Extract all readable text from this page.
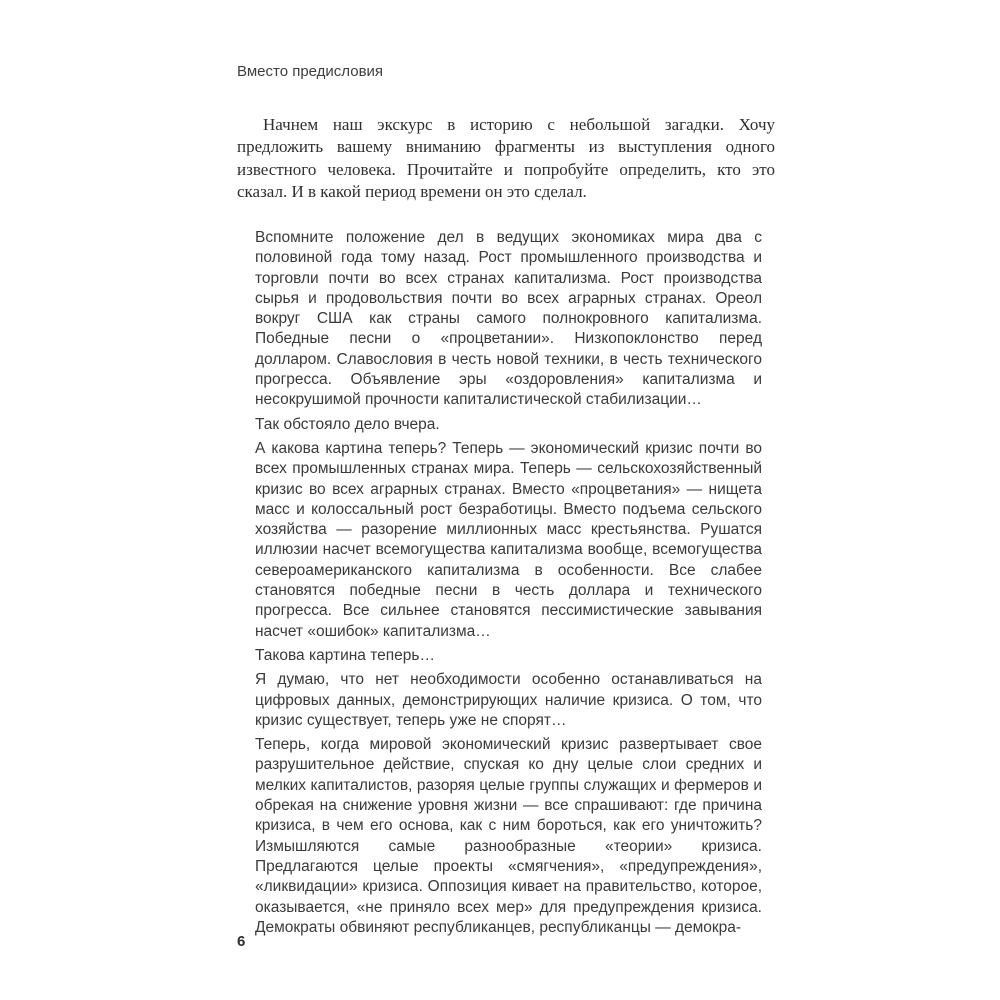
Вместо предисловия

Начнем наш экскурс в историю с небольшой загадки. Хочу предложить вашему вниманию фрагменты из выступления одного известного человека. Прочитайте и попробуйте определить, кто это сказал. И в какой период времени он это сделал.

Вспомните положение дел в ведущих экономиках мира два с половиной года тому назад. Рост промышленного производства и торговли почти во всех странах капитализма. Рост производства сырья и продовольствия почти во всех аграрных странах. Ореол вокруг США как страны самого полнокровного капитализма. Победные песни о «процветании». Низкопоклонство перед долларом. Славословия в честь новой техники, в честь технического прогресса. Объявление эры «оздоровления» капитализма и несокрушимой прочности капиталистической стабилизации…

Так обстояло дело вчера.

А какова картина теперь? Теперь — экономический кризис почти во всех промышленных странах мира. Теперь — сельскохозяйственный кризис во всех аграрных странах. Вместо «процветания» — нищета масс и колоссальный рост безработицы. Вместо подъема сельского хозяйства — разорение миллионных масс крестьянства. Рушатся иллюзии насчет всемогущества капитализма вообще, всемогущества североамериканского капитализма в особенности. Все слабее становятся победные песни в честь доллара и технического прогресса. Все сильнее становятся пессимистические завывания насчет «ошибок» капитализма…

Такова картина теперь…

Я думаю, что нет необходимости особенно останавливаться на цифровых данных, демонстрирующих наличие кризиса. О том, что кризис существует, теперь уже не спорят…

Теперь, когда мировой экономический кризис развертывает свое разрушительное действие, спуская ко дну целые слои средних и мелких капиталистов, разоряя целые группы служащих и фермеров и обрекая на снижение уровня жизни — все спрашивают: где причина кризиса, в чем его основа, как с ним бороться, как его уничтожить? Измышляются самые разнообразные «теории» кризиса. Предлагаются целые проекты «смягчения», «предупреждения», «ликвидации» кризиса. Оппозиция кивает на правительство, которое, оказывается, «не приняло всех мер» для предупреждения кризиса. Демократы обвиняют республиканцев, республиканцы — демокра-

6
